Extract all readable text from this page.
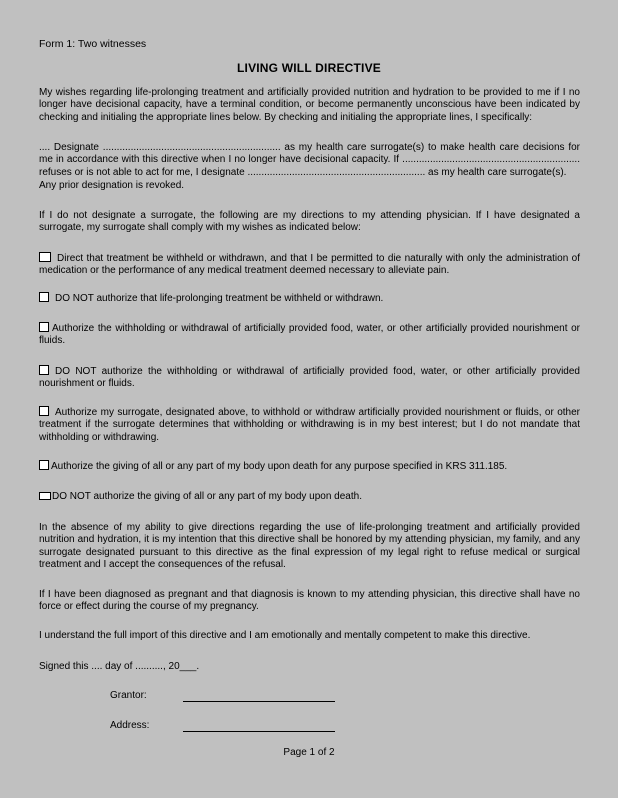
Form 1: Two witnesses
LIVING WILL DIRECTIVE
My wishes regarding life-prolonging treatment and artificially provided nutrition and hydration to be provided to me if I no longer have decisional capacity, have a terminal condition, or become permanently unconscious have been indicated by checking and initialing the appropriate lines below. By checking and initialing the appropriate lines, I specifically:
.... Designate ................................................................ as my health care surrogate(s) to make health care decisions for me in accordance with this directive when I no longer have decisional capacity. If ................................................................ refuses or is not able to act for me, I designate ................................................................ as my health care surrogate(s).
Any prior designation is revoked.
If I do not designate a surrogate, the following are my directions to my attending physician. If I have designated a surrogate, my surrogate shall comply with my wishes as indicated below:
Direct that treatment be withheld or withdrawn, and that I be permitted to die naturally with only the administration of medication or the performance of any medical treatment deemed necessary to alleviate pain.
DO NOT authorize that life-prolonging treatment be withheld or withdrawn.
Authorize the withholding or withdrawal of artificially provided food, water, or other artificially provided nourishment or fluids.
DO NOT authorize the withholding or withdrawal of artificially provided food, water, or other artificially provided nourishment or fluids.
Authorize my surrogate, designated above, to withhold or withdraw artificially provided nourishment or fluids, or other treatment if the surrogate determines that withholding or withdrawing is in my best interest; but I do not mandate that withholding or withdrawing.
Authorize the giving of all or any part of my body upon death for any purpose specified in KRS 311.185.
DO NOT authorize the giving of all or any part of my body upon death.
In the absence of my ability to give directions regarding the use of life-prolonging treatment and artificially provided nutrition and hydration, it is my intention that this directive shall be honored by my attending physician, my family, and any surrogate designated pursuant to this directive as the final expression of my legal right to refuse medical or surgical treatment and I accept the consequences of the refusal.
If I have been diagnosed as pregnant and that diagnosis is known to my attending physician, this directive shall have no force or effect during the course of my pregnancy.
I understand the full import of this directive and I am emotionally and mentally competent to make this directive.
Signed this .... day of .........., 20___.
Grantor:
Address:
Page 1 of 2
